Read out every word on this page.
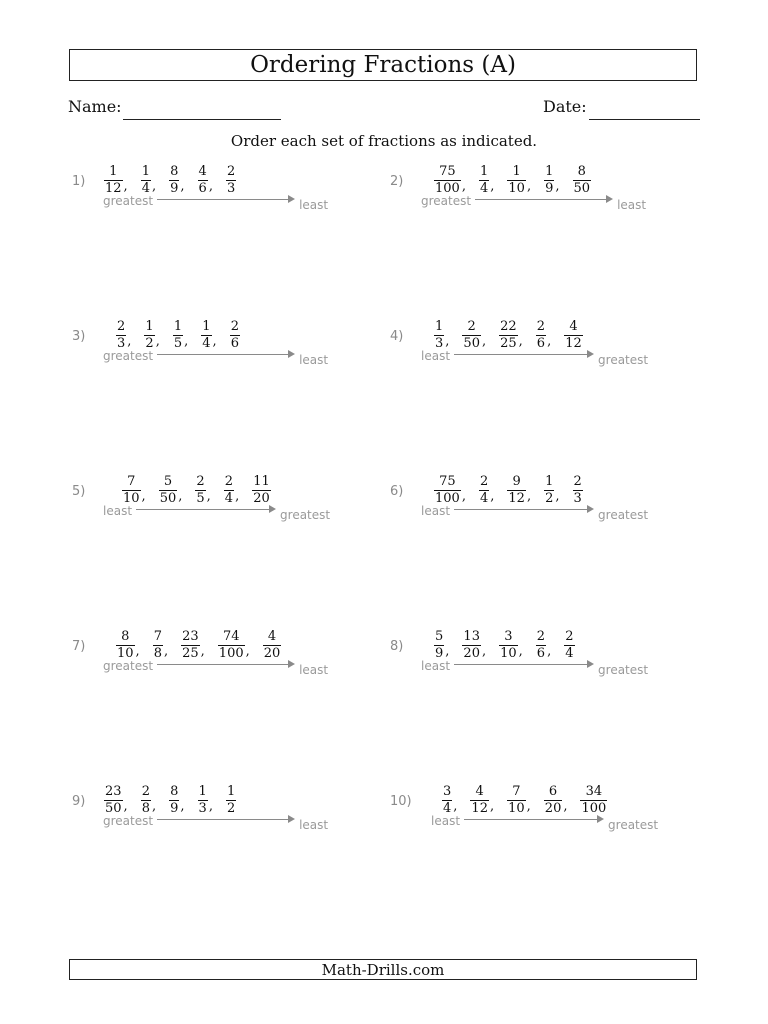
Ordering Fractions (A)
Name:	Date:
Order each set of fractions as indicated.
$1) \frac{1}{12}$ , $\frac{1}{4}$ , $\frac{8}{9}$ , $\frac{4}{6}$ , $\frac{2}{3}$
greatest	least
$2) \frac{75}{100}$ , $\frac{1}{4}$ , $\frac{1}{10}$ , $\frac{1}{9}$ , $\frac{8}{50}$
greatest	least
$3) \frac{2}{3}$ , $\frac{1}{2}$ , $\frac{1}{5}$ , $\frac{1}{4}$ , $\frac{2}{6}$
greatest	least
$4) \frac{1}{3}$ , $\frac{2}{50}$ , $\frac{22}{25}$ , $\frac{2}{6}$ , $\frac{4}{12}$
least	greatest
5)	$\frac{7}{10}$ , $\frac{5}{50}$ , $\frac{2}{5}$ , $\frac{2}{4}$ , $\frac{11}{20}$
least	greatest
$6) \frac{75}{100}$ , $\frac{2}{4}$ , $\frac{9}{12}$ , $\frac{1}{2}$ , $\frac{2}{3}$
least	greatest
$7) \frac{8}{10}$ , $\frac{7}{8}$ , $\frac{23}{25}$ , $\frac{74}{100}$ , $\frac{4}{20}$
greatest	least
$8) \frac{5}{9}$ , $\frac{13}{20}$ , $\frac{3}{10}$ , $\frac{2}{6}$ , $\frac{2}{4}$
least	greatest
$9) \frac{23}{50}$ , $\frac{2}{8}$ , $\frac{8}{9}$ , $\frac{1}{3}$ , $\frac{1}{2}$
greatest	least
$10) \frac{3}{4}$ , $\frac{4}{12}$ , $\frac{7}{10}$ , $\frac{6}{20}$ , $\frac{34}{100}$
least	greatest
Math-Drills.com
